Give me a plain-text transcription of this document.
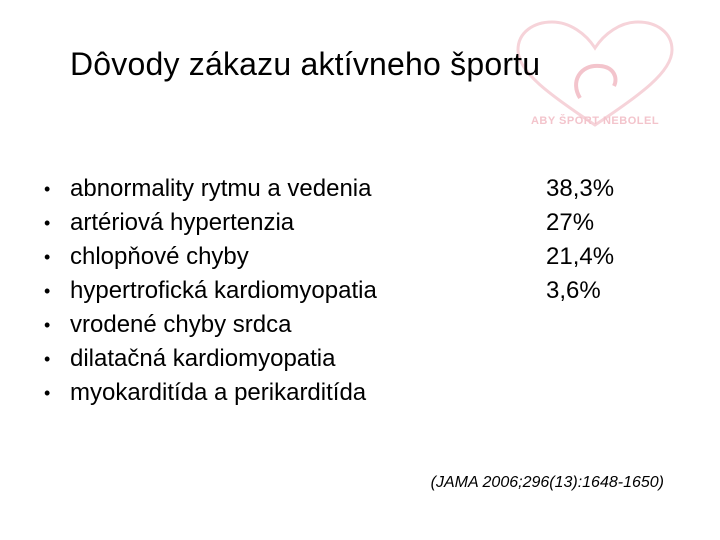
ABY ŠPORT NEBOLEL
Dôvody zákazu aktívneho športu
• abnormality rytmu a vedenia
• artériová hypertenzia
• chlopňové chyby
• hypertrofická kardiomyopatia
• vrodené chyby srdca
• dilatačná kardiomyopatia
• myokarditída a perikarditída
38,3%
27%
21,4%
3,6%
(JAMA 2006;296(13):1648-1650)
